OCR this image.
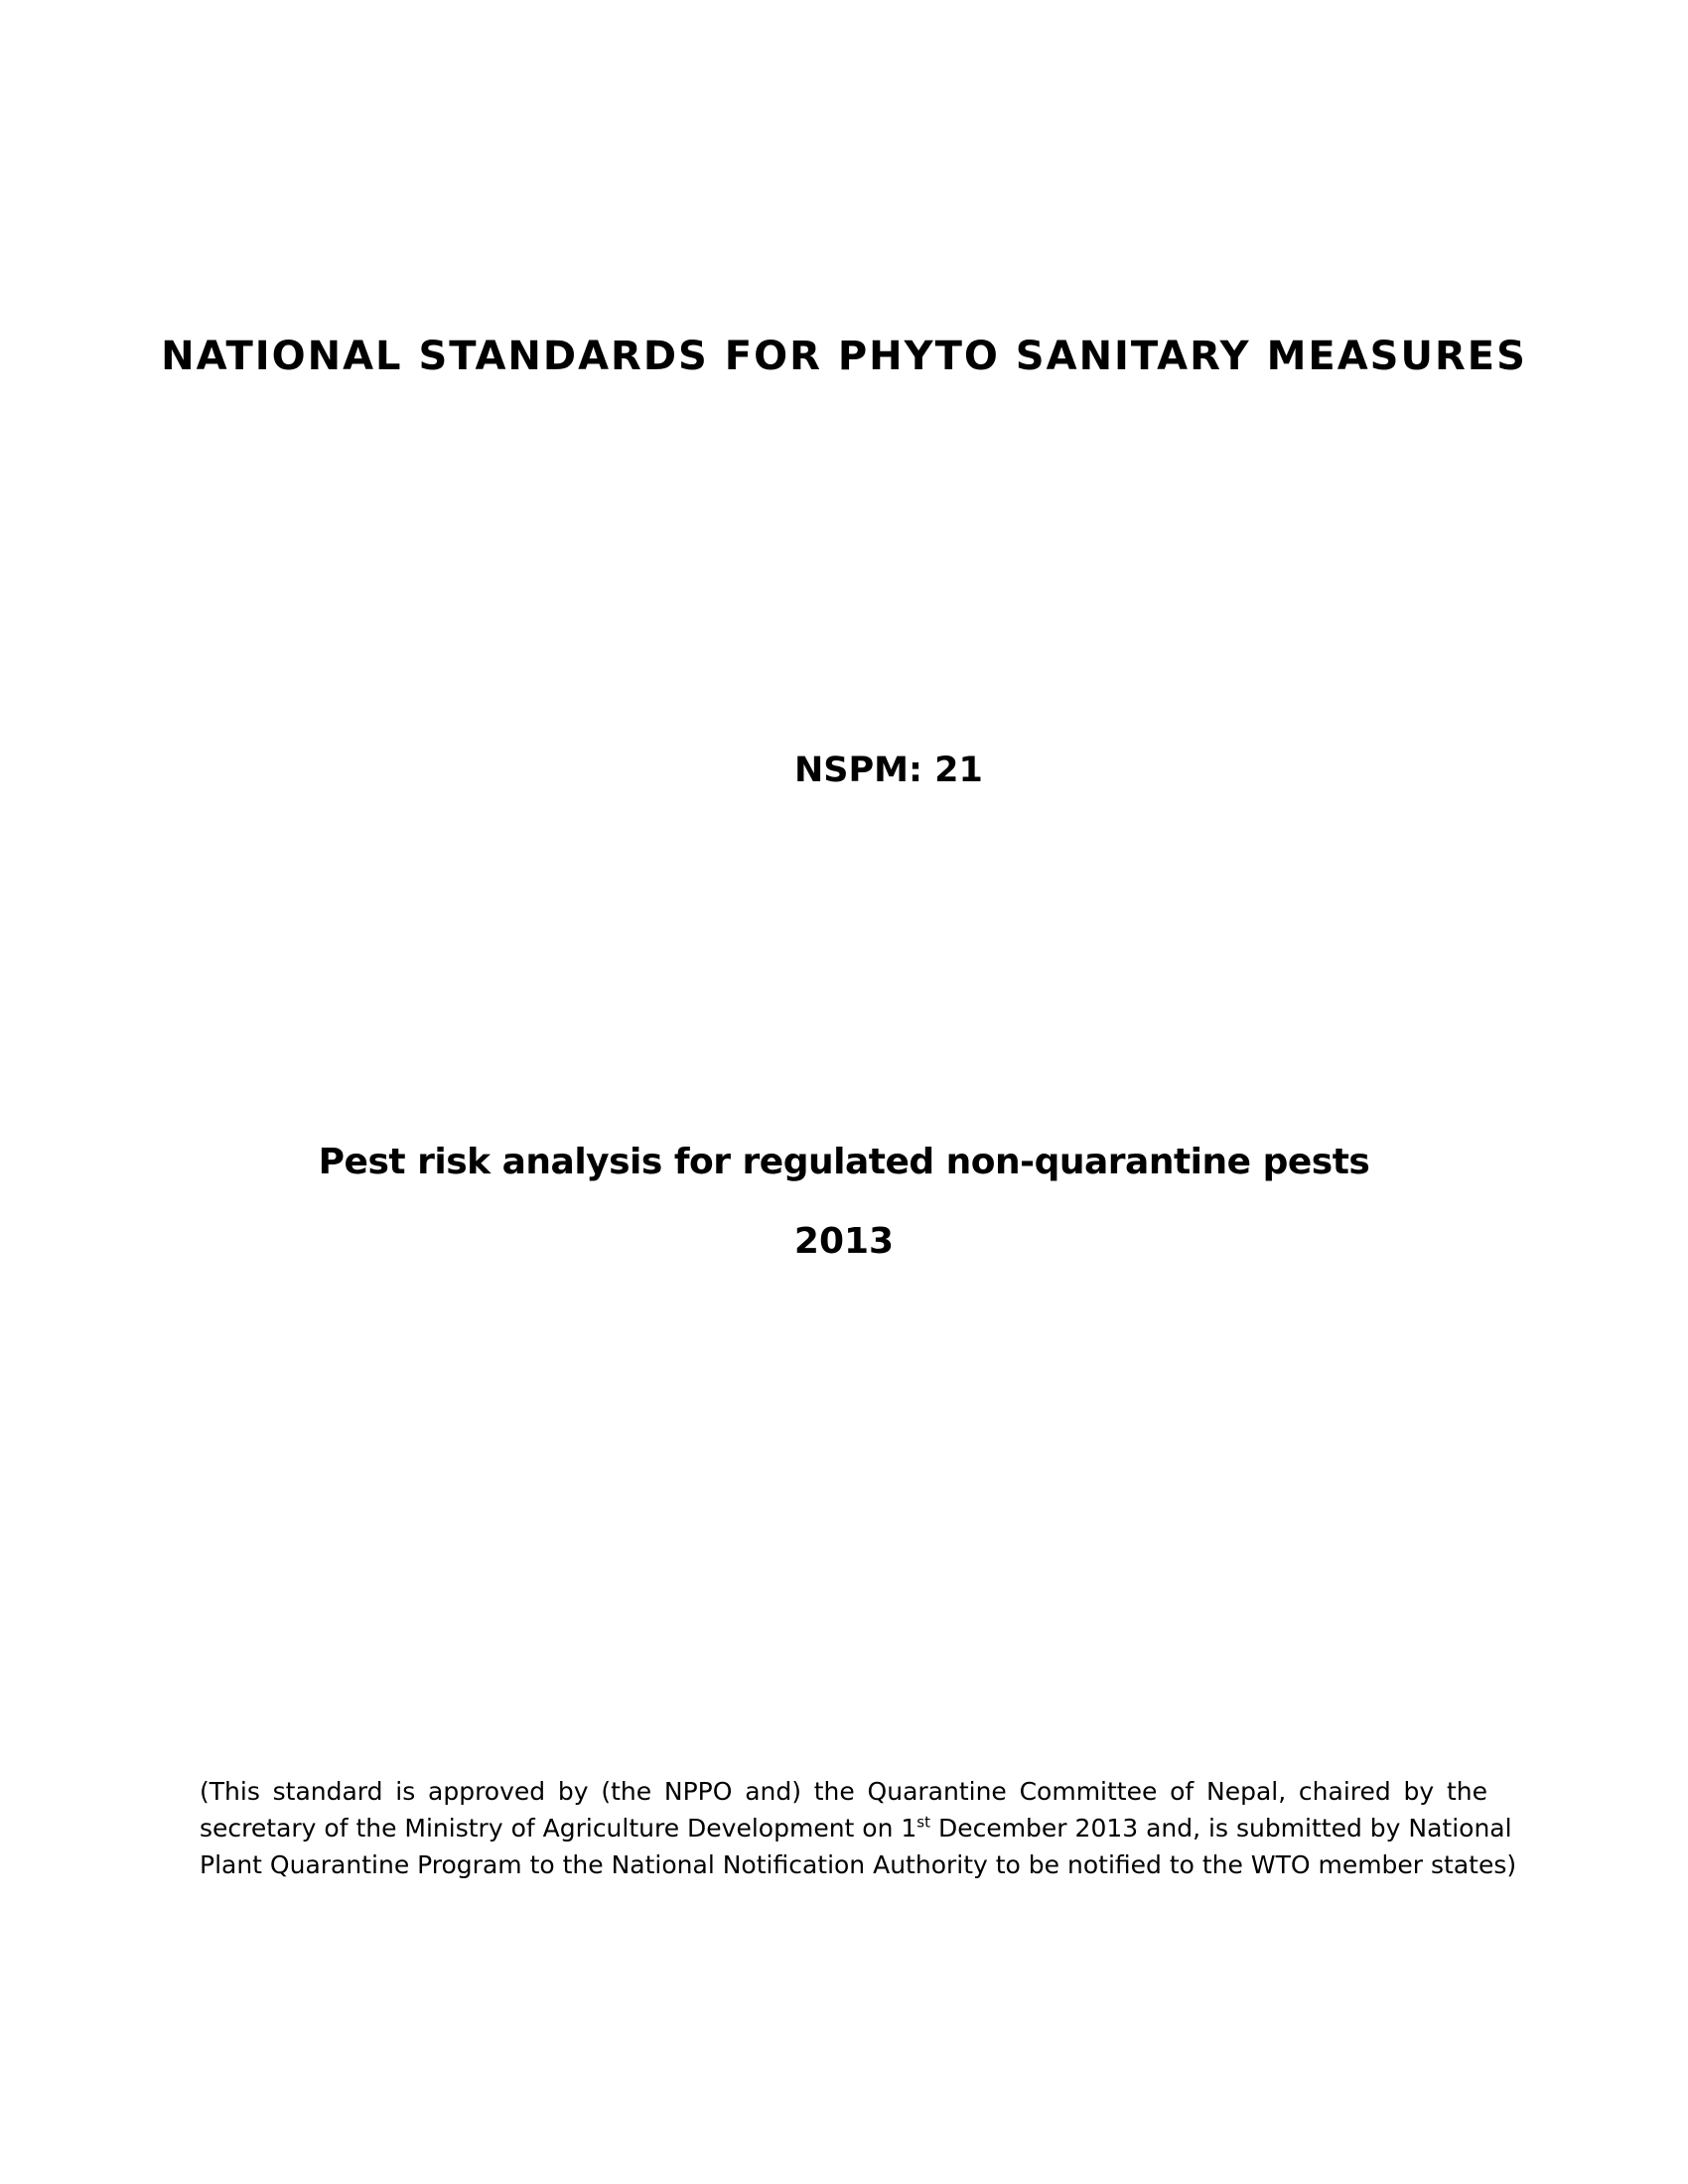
NATIONAL STANDARDS FOR PHYTO SANITARY MEASURES
NSPM: 21
Pest risk analysis for regulated non-quarantine pests
2013

(This standard is approved by (the NPPO and) the Quarantine Committee of Nepal, chaired by the
secretary of the Ministry of Agriculture Development on 1st December 2013 and, is submitted by National
Plant Quarantine Program to the National Notification Authority to be notified to the WTO member states)
